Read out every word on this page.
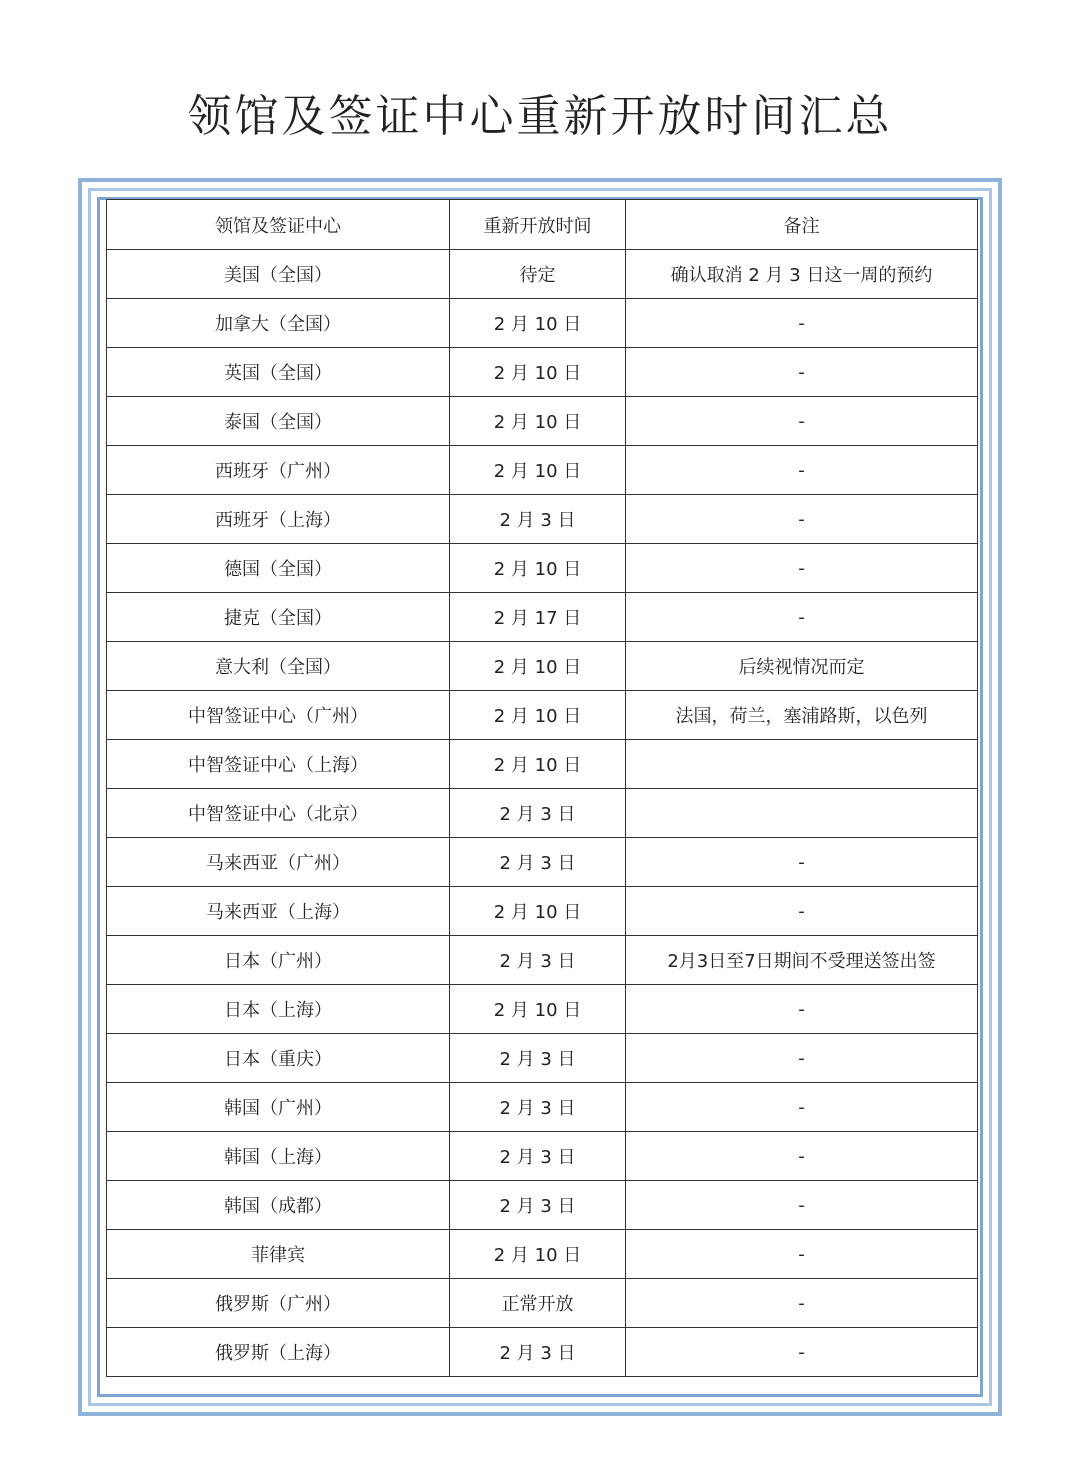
领馆及签证中心重新开放时间汇总
领馆及签证中心	重新开放时间	备注
美国（全国）	待定	确认取消 2 月 3 日这一周的预约
加拿大（全国）	2 月 10 日	-
英国（全国）	2 月 10 日	-
泰国（全国）	2 月 10 日	-
西班牙（广州）	2 月 10 日	-
西班牙（上海）	2 月 3 日	-
德国（全国）	2 月 10 日	-
捷克（全国）	2 月 17 日	-
意大利（全国）	2 月 10 日	后续视情况而定
中智签证中心（广州）	2 月 10 日	法国，荷兰，塞浦路斯，以色列
中智签证中心（上海）	2 月 10 日	
中智签证中心（北京）	2 月 3 日	
马来西亚（广州）	2 月 3 日	-
马来西亚（上海）	2 月 10 日	-
日本（广州）	2 月 3 日	2月3日至7日期间不受理送签出签
日本（上海）	2 月 10 日	-
日本（重庆）	2 月 3 日	-
韩国（广州）	2 月 3 日	-
韩国（上海）	2 月 3 日	-
韩国（成都）	2 月 3 日	-
菲律宾	2 月 10 日	-
俄罗斯（广州）	正常开放	-
俄罗斯（上海）	2 月 3 日	-
